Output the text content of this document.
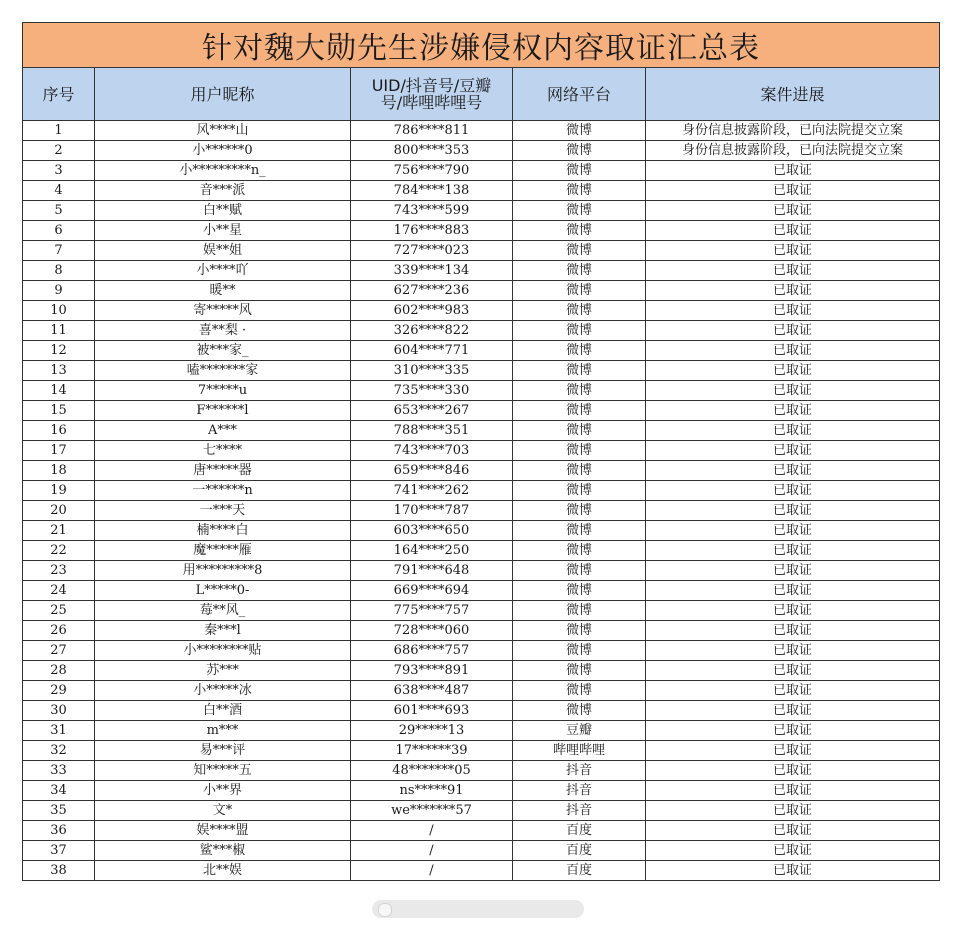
针对魏大勋先生涉嫌侵权内容取证汇总表				
序号	用户昵称	UID/抖音号/豆瓣
号/哔哩哔哩号	网络平台	案件进展
1	风****山	786****811	微博	身份信息披露阶段，已向法院提交立案
2	小******0	800****353	微博	身份信息披露阶段，已向法院提交立案
3	小*********n_	756****790	微博	已取证
4	音***派	784****138	微博	已取证
5	白**赋	743****599	微博	已取证
6	小**星	176****883	微博	已取证
7	娱**姐	727****023	微博	已取证
8	小****吖	339****134	微博	已取证
9	暖**	627****236	微博	已取证
10	寄*****风	602****983	微博	已取证
11	喜**梨 ·	326****822	微博	已取证
12	被***家_	604****771	微博	已取证
13	嗑*******家	310****335	微博	已取证
14	7*****u	735****330	微博	已取证
15	F******l	653****267	微博	已取证
16	A***	788****351	微博	已取证
17	七****	743****703	微博	已取证
18	唐*****器	659****846	微博	已取证
19	一******n	741****262	微博	已取证
20	一***天	170****787	微博	已取证
21	楠****白	603****650	微博	已取证
22	魔*****雁	164****250	微博	已取证
23	用*********8	791****648	微博	已取证
24	L*****0-	669****694	微博	已取证
25	莓**风_	775****757	微博	已取证
26	秦***l	728****060	微博	已取证
27	小********贴	686****757	微博	已取证
28	苏***	793****891	微博	已取证
29	小*****冰	638****487	微博	已取证
30	白**酒	601****693	微博	已取证
31	m***	29*****13	豆瓣	已取证
32	易***评	17******39	哔哩哔哩	已取证
33	知*****五	48*******05	抖音	已取证
34	小**界	ns*****91	抖音	已取证
35	文*	we*******57	抖音	已取证
36	娱****盟	/	百度	已取证
37	鲨***椒	/	百度	已取证
38	北**娱	/	百度	已取证
